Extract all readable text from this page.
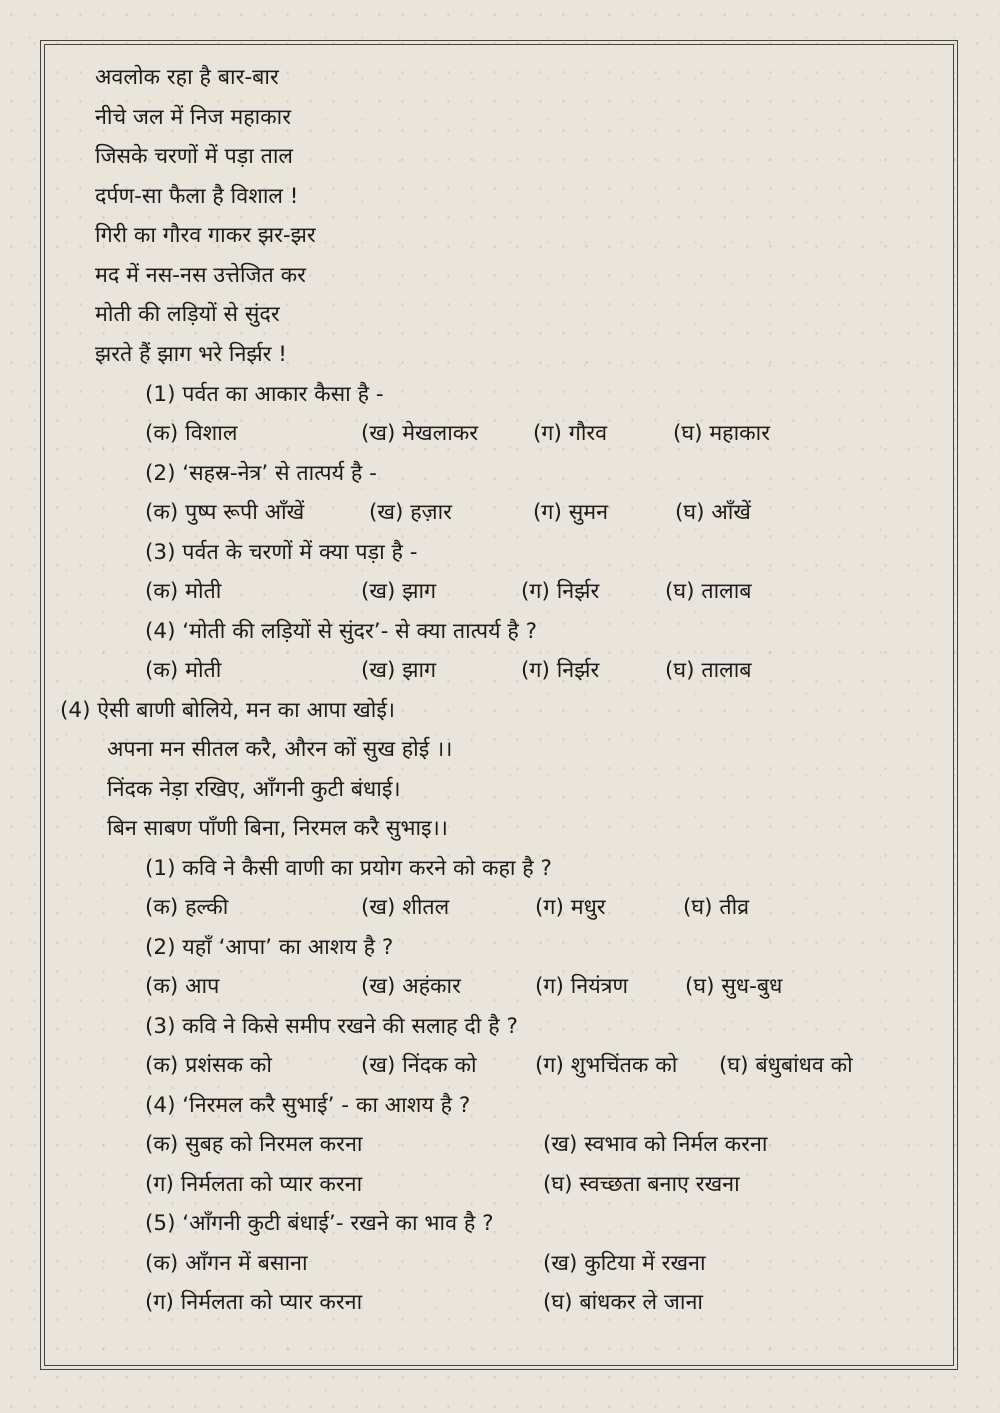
अवलोक रहा है बार-बार
नीचे जल में निज महाकार
जिसके चरणों में पड़ा ताल
दर्पण-सा फैला है विशाल !
गिरी का गौरव गाकर झर-झर
मद में नस-नस उत्तेजित कर
मोती की लड़ियों से सुंदर
झरते हैं झाग भरे निर्झर !
(1) पर्वत का आकार कैसा है -
(क) विशाल	(ख) मेखलाकर	(ग) गौरव	(घ) महाकार
(2) ‘सहस्र-नेत्र’ से तात्पर्य है -
(क) पुष्प रूपी आँखें	(ख) हज़ार	(ग) सुमन	(घ) आँखें
(3) पर्वत के चरणों में क्या पड़ा है -
(क) मोती	(ख) झाग	(ग) निर्झर	(घ) तालाब
(4) ‘मोती की लड़ियों से सुंदर’- से क्या तात्पर्य है ?
(क) मोती	(ख) झाग	(ग) निर्झर	(घ) तालाब
(4) ऐसी बाणी बोलिये, मन का आपा खोई।
अपना मन सीतल करै, औरन कों सुख होई ।।
निंदक नेड़ा रखिए, आँगनी कुटी बंधाई।
बिन साबण पाँणी बिना, निरमल करै सुभाइ।।
(1) कवि ने कैसी वाणी का प्रयोग करने को कहा है ?
(क) हल्की	(ख) शीतल	(ग) मधुर	(घ) तीव्र
(2) यहाँ ‘आपा’ का आशय है ?
(क) आप	(ख) अहंकार	(ग) नियंत्रण	(घ) सुध-बुध
(3) कवि ने किसे समीप रखने की सलाह दी है ?
(क) प्रशंसक को	(ख) निंदक को	(ग) शुभचिंतक को (घ) बंधुबांधव को
(4) ‘निरमल करै सुभाई’ - का आशय है ?
(क) सुबह को निरमल करना	(ख) स्वभाव को निर्मल करना
(ग) निर्मलता को प्यार करना	(घ) स्वच्छता बनाए रखना
(5) ‘आँगनी कुटी बंधाई’- रखने का भाव है ?
(क) आँगन में बसाना	(ख) कुटिया में रखना
(ग) निर्मलता को प्यार करना	(घ) बांधकर ले जाना
